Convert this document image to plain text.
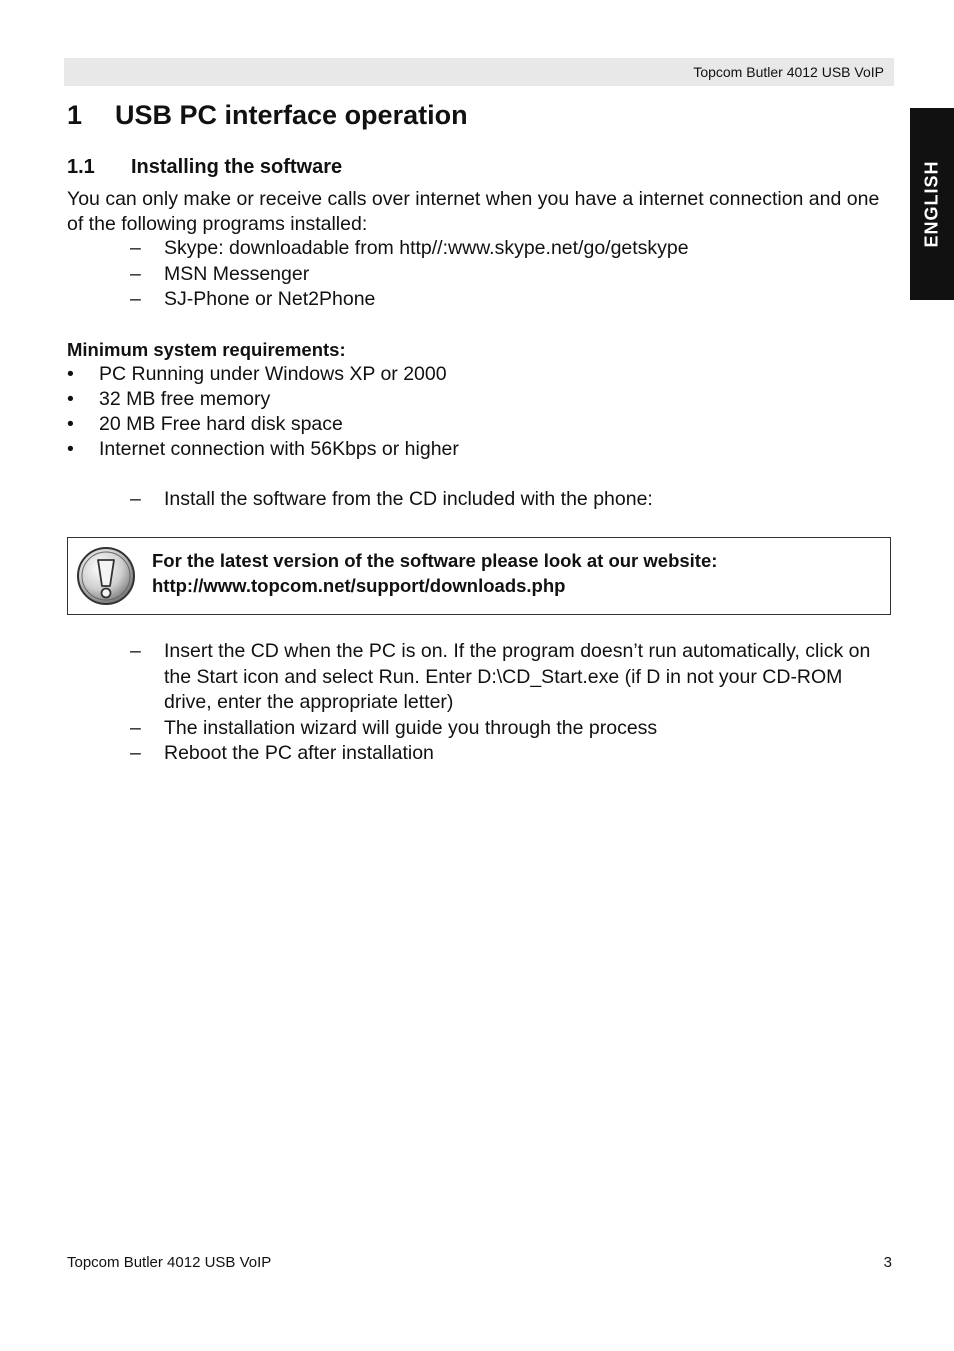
Topcom Butler 4012 USB VoIP
ENGLISH
1 USB PC interface operation
1.1 Installing the software
You can only make or receive calls over internet when you have a internet connection and one of the following programs installed:
– Skype: downloadable from http//:www.skype.net/go/getskype
– MSN Messenger
– SJ-Phone or Net2Phone
Minimum system requirements:
• PC Running under Windows XP or 2000
• 32 MB free memory
• 20 MB Free hard disk space
• Internet connection with 56Kbps or higher
– Install the software from the CD included with the phone:
For the latest version of the software please look at our website:
http://www.topcom.net/support/downloads.php
– Insert the CD when the PC is on. If the program doesn’t run automatically, click on the Start icon and select Run. Enter D:\CD_Start.exe (if D in not your CD-ROM drive, enter the appropriate letter)
– The installation wizard will guide you through the process
– Reboot the PC after installation
Topcom Butler 4012 USB VoIP	3
